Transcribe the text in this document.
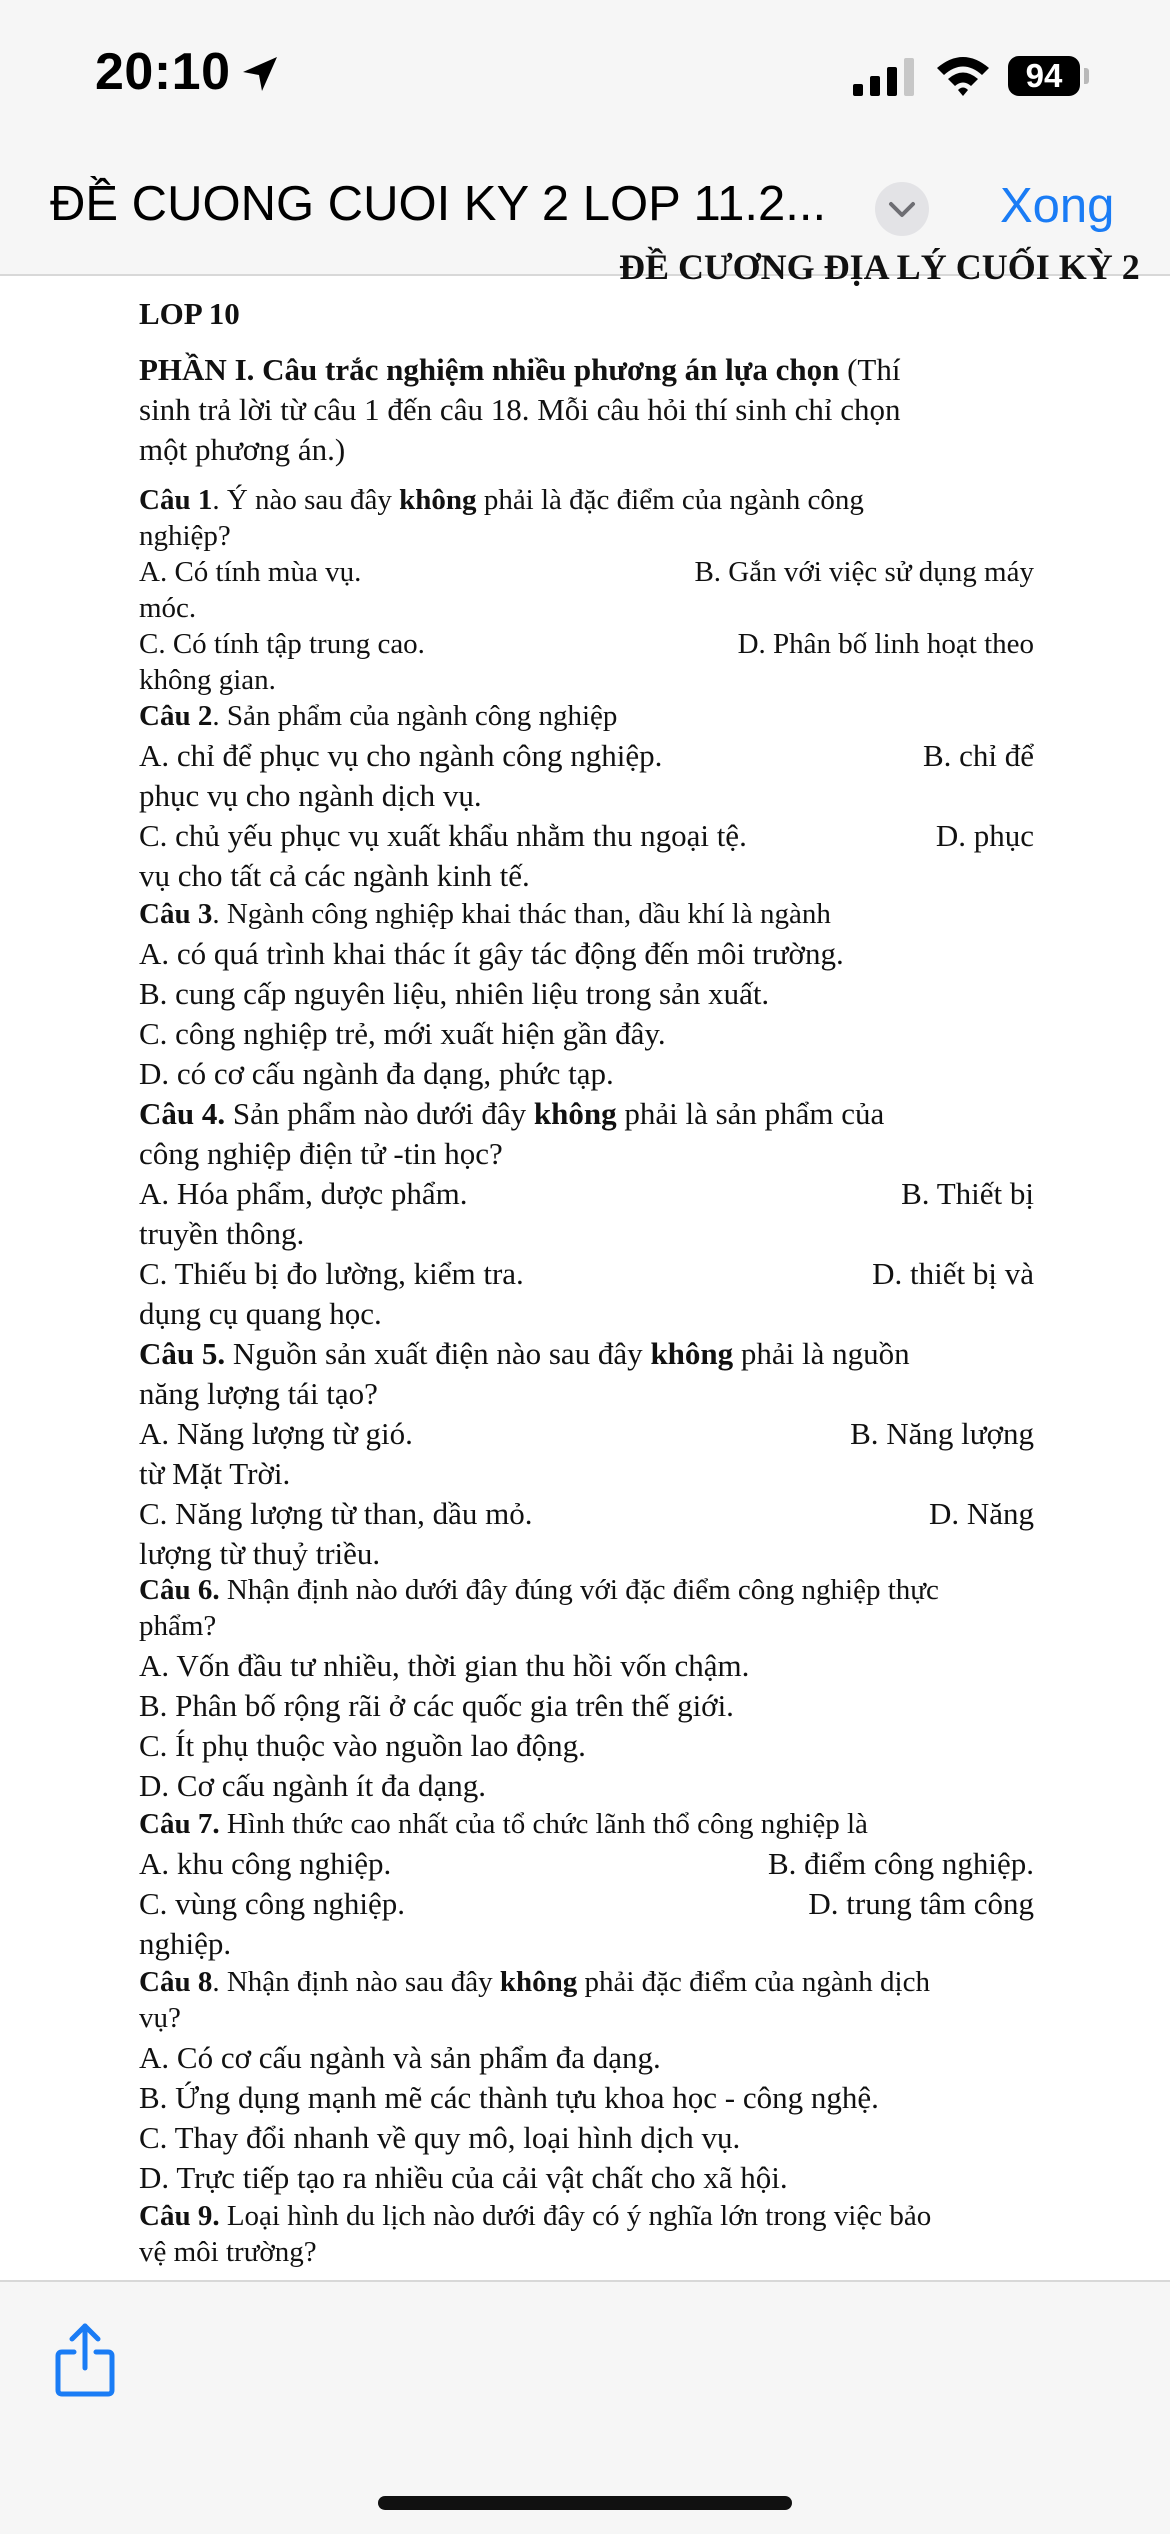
20:10	94
ĐỀ CUONG CUOI KY 2 LOP 11.2...	Xong
ĐỀ CƯƠNG ĐỊA LÝ CUỐI KỲ 2
LOP 10
PHẦN I. Câu trắc nghiệm nhiều phương án lựa chọn (Thí
sinh trả lời từ câu 1 đến câu 18. Mỗi câu hỏi thí sinh chỉ chọn
một phương án.)
Câu 1. Ý nào sau đây không phải là đặc điểm của ngành công
nghiệp?
A. Có tính mùa vụ.	B. Gắn với việc sử dụng máy
móc.
C. Có tính tập trung cao.	D. Phân bố linh hoạt theo
không gian.
Câu 2. Sản phẩm của ngành công nghiệp
A. chỉ để phục vụ cho ngành công nghiệp.	B. chỉ để
phục vụ cho ngành dịch vụ.
C. chủ yếu phục vụ xuất khẩu nhằm thu ngoại tệ.	D. phục
vụ cho tất cả các ngành kinh tế.
Câu 3. Ngành công nghiệp khai thác than, dầu khí là ngành
A. có quá trình khai thác ít gây tác động đến môi trường.
B. cung cấp nguyên liệu, nhiên liệu trong sản xuất.
C. công nghiệp trẻ, mới xuất hiện gần đây.
D. có cơ cấu ngành đa dạng, phức tạp.
Câu 4. Sản phẩm nào dưới đây không phải là sản phẩm của
công nghiệp điện tử -tin học?
A. Hóa phẩm, dược phẩm.	B. Thiết bị
truyền thông.
C. Thiếu bị đo lường, kiểm tra.	D. thiết bị và
dụng cụ quang học.
Câu 5. Nguồn sản xuất điện nào sau đây không phải là nguồn
năng lượng tái tạo?
A. Năng lượng từ gió.	B. Năng lượng
từ Mặt Trời.
C. Năng lượng từ than, dầu mỏ.	D. Năng
lượng từ thuỷ triều.
Câu 6. Nhận định nào dưới đây đúng với đặc điểm công nghiệp thực
phẩm?
A. Vốn đầu tư nhiều, thời gian thu hồi vốn chậm.
B. Phân bố rộng rãi ở các quốc gia trên thế giới.
C. Ít phụ thuộc vào nguồn lao động.
D. Cơ cấu ngành ít đa dạng.
Câu 7. Hình thức cao nhất của tổ chức lãnh thổ công nghiệp là
A. khu công nghiệp.	B. điểm công nghiệp.
C. vùng công nghiệp.	D. trung tâm công
nghiệp.
Câu 8. Nhận định nào sau đây không phải đặc điểm của ngành dịch
vụ?
A. Có cơ cấu ngành và sản phẩm đa dạng.
B. Ứng dụng mạnh mẽ các thành tựu khoa học - công nghệ.
C. Thay đổi nhanh về quy mô, loại hình dịch vụ.
D. Trực tiếp tạo ra nhiều của cải vật chất cho xã hội.
Câu 9. Loại hình du lịch nào dưới đây có ý nghĩa lớn trong việc bảo
vệ môi trường?
